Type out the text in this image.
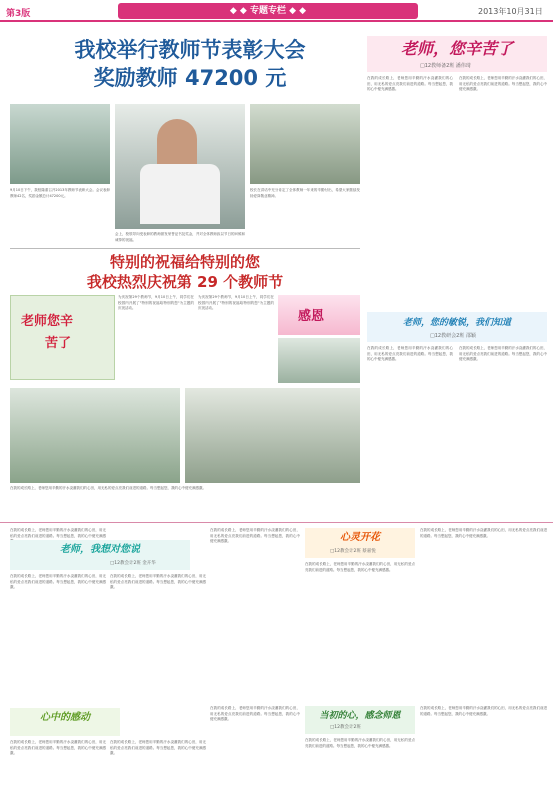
第3版	◆ ◆ 专题专栏 ◆ ◆	2013年10月31日
我校举行教师节表彰大会
奖励教师 47200 元
9月10日下午，我校隆重召开2013年教师节表彰大会。会议表彰教师42名，奖励金额总计47200元。
校长在讲话中充分肯定了全体教师一年来的辛勤付出，希望大家继续发扬爱岗敬业精神。
会上，校领导向受表彰的教师颁发荣誉证书及奖金，并对全体教师致以节日的问候和诚挚的祝福。
老师，您辛苦了
□12教师备2班 潘伟琦
在我的成长路上，老师您用辛勤的汗水浇灌我们的心田，用无私的爱点亮我们前进的道路。每当想起您，我的心中便充满感激。
在我的成长路上，老师您用辛勤的汗水浇灌我们的心田，用无私的爱点亮我们前进的道路。每当想起您，我的心中便充满感激。
特别的祝福给特别的您
我校热烈庆祝第 29 个教师节
老师您辛
苦了
为庆祝第29个教师节，9月10日上午，同学们在校园内开展了"特别的祝福给特别的您"为主题的庆祝活动。
为庆祝第29个教师节，9月10日上午，同学们在校园内开展了"特别的祝福给特别的您"为主题的庆祝活动。
感恩
在我的成长路上，老师您用辛勤的汗水浇灌我们的心田，用无私的爱点亮我们前进的道路。每当想起您，我的心中便充满感激。
老师，您的敏锐，我们知道
□12教研会2班 邵颖
在我的成长路上，老师您用辛勤的汗水浇灌我们的心田，用无私的爱点亮我们前进的道路。每当想起您，我的心中便充满感激。
在我的成长路上，老师您用辛勤的汗水浇灌我们的心田，用无私的爱点亮我们前进的道路。每当想起您，我的心中便充满感激。
在我的成长路上，老师您用辛勤的汗水浇灌我们的心田，用无私的爱点亮我们前进的道路。每当想起您，我的心中便充满感
老师，我想对您说
□12教会计2班 金卉华
在我的成长路上，老师您用辛勤的汗水浇灌我们的心田，用无私的爱点亮我们前进的道路。每当想起您，我的心中便充满感激。
在我的成长路上，老师您用辛勤的汗水浇灌我们的心田，用无私的爱点亮我们前进的道路。每当想起您，我的心中便充满感激。
在我的成长路上，老师您用辛勤的汗水浇灌我们的心田，用无私的爱点亮我们前进的道路。每当想起您，我的心中便充满感激。	心灵开花
□12教会计2班 蔡嘉悦
在我的成长路上，老师您用辛勤的汗水浇灌我们的心田，用无私的爱点亮我们前进的道路。每当想起您，我的心中便充满感激。
在我的成长路上，老师您用辛勤的汗水浇灌我们的心田，用无私的爱点亮我们前进的道路。每当想起您，我的心中便充满感激。
心中的感动
在我的成长路上，老师您用辛勤的汗水浇灌我们的心田，用无私的爱点亮我们前进的道路。每当想起您，我的心中便充满感激。
在我的成长路上，老师您用辛勤的汗水浇灌我们的心田，用无私的爱点亮我们前进的道路。每当想起您，我的心中便充满感激。
在我的成长路上，老师您用辛勤的汗水浇灌我们的心田，用无私的爱点亮我们前进的道路。每当想起您，我的心中便充满感激。	当初的心，感念师恩
□12教会计2班
在我的成长路上，老师您用辛勤的汗水浇灌我们的心田，用无私的爱点亮我们前进的道路。每当想起您，我的心中便充满感激。
在我的成长路上，老师您用辛勤的汗水浇灌我们的心田，用无私的爱点亮我们前进的道路。每当想起您，我的心中便充满感激。
